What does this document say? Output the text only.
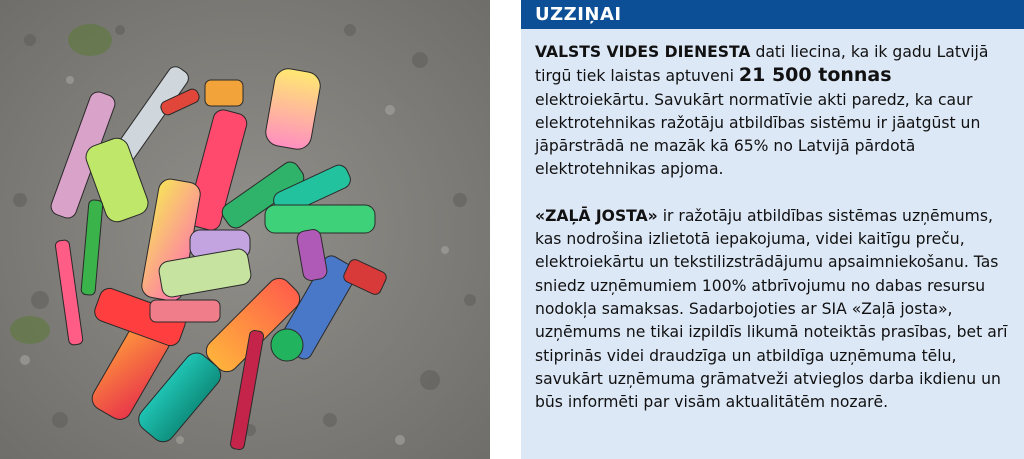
UZZIŅAI

VALSTS VIDES DIENESTA dati liecina, ka ik gadu Latvijā tirgū tiek laistas aptuveni 21 500 tonnas elektroiekārtu. Savukārt normatīvie akti paredz, ka caur elektrotehnikas ražotāju atbildības sistēmu ir jāatgūst un jāpārstrādā ne mazāk kā 65% no Latvijā pārdotā elektrotehnikas apjoma.

«ZAĻĀ JOSTA» ir ražotāju atbildības sistēmas uzņēmums, kas nodrošina izlietotā iepakojuma, videi kaitīgu preču, elektroiekārtu un tekstilizstrādājumu apsaimniekošanu. Tas sniedz uzņēmumiem 100% atbrīvojumu no dabas resursu nodokļa samaksas. Sadarbojoties ar SIA «Zaļā josta», uzņēmums ne tikai izpildīs likumā noteiktās prasības, bet arī stiprinās videi draudzīga un atbildīga uzņēmuma tēlu, savukārt uzņēmuma grāmatveži atvieglos darba ikdienu un būs informēti par visām aktualitātēm nozarē.
